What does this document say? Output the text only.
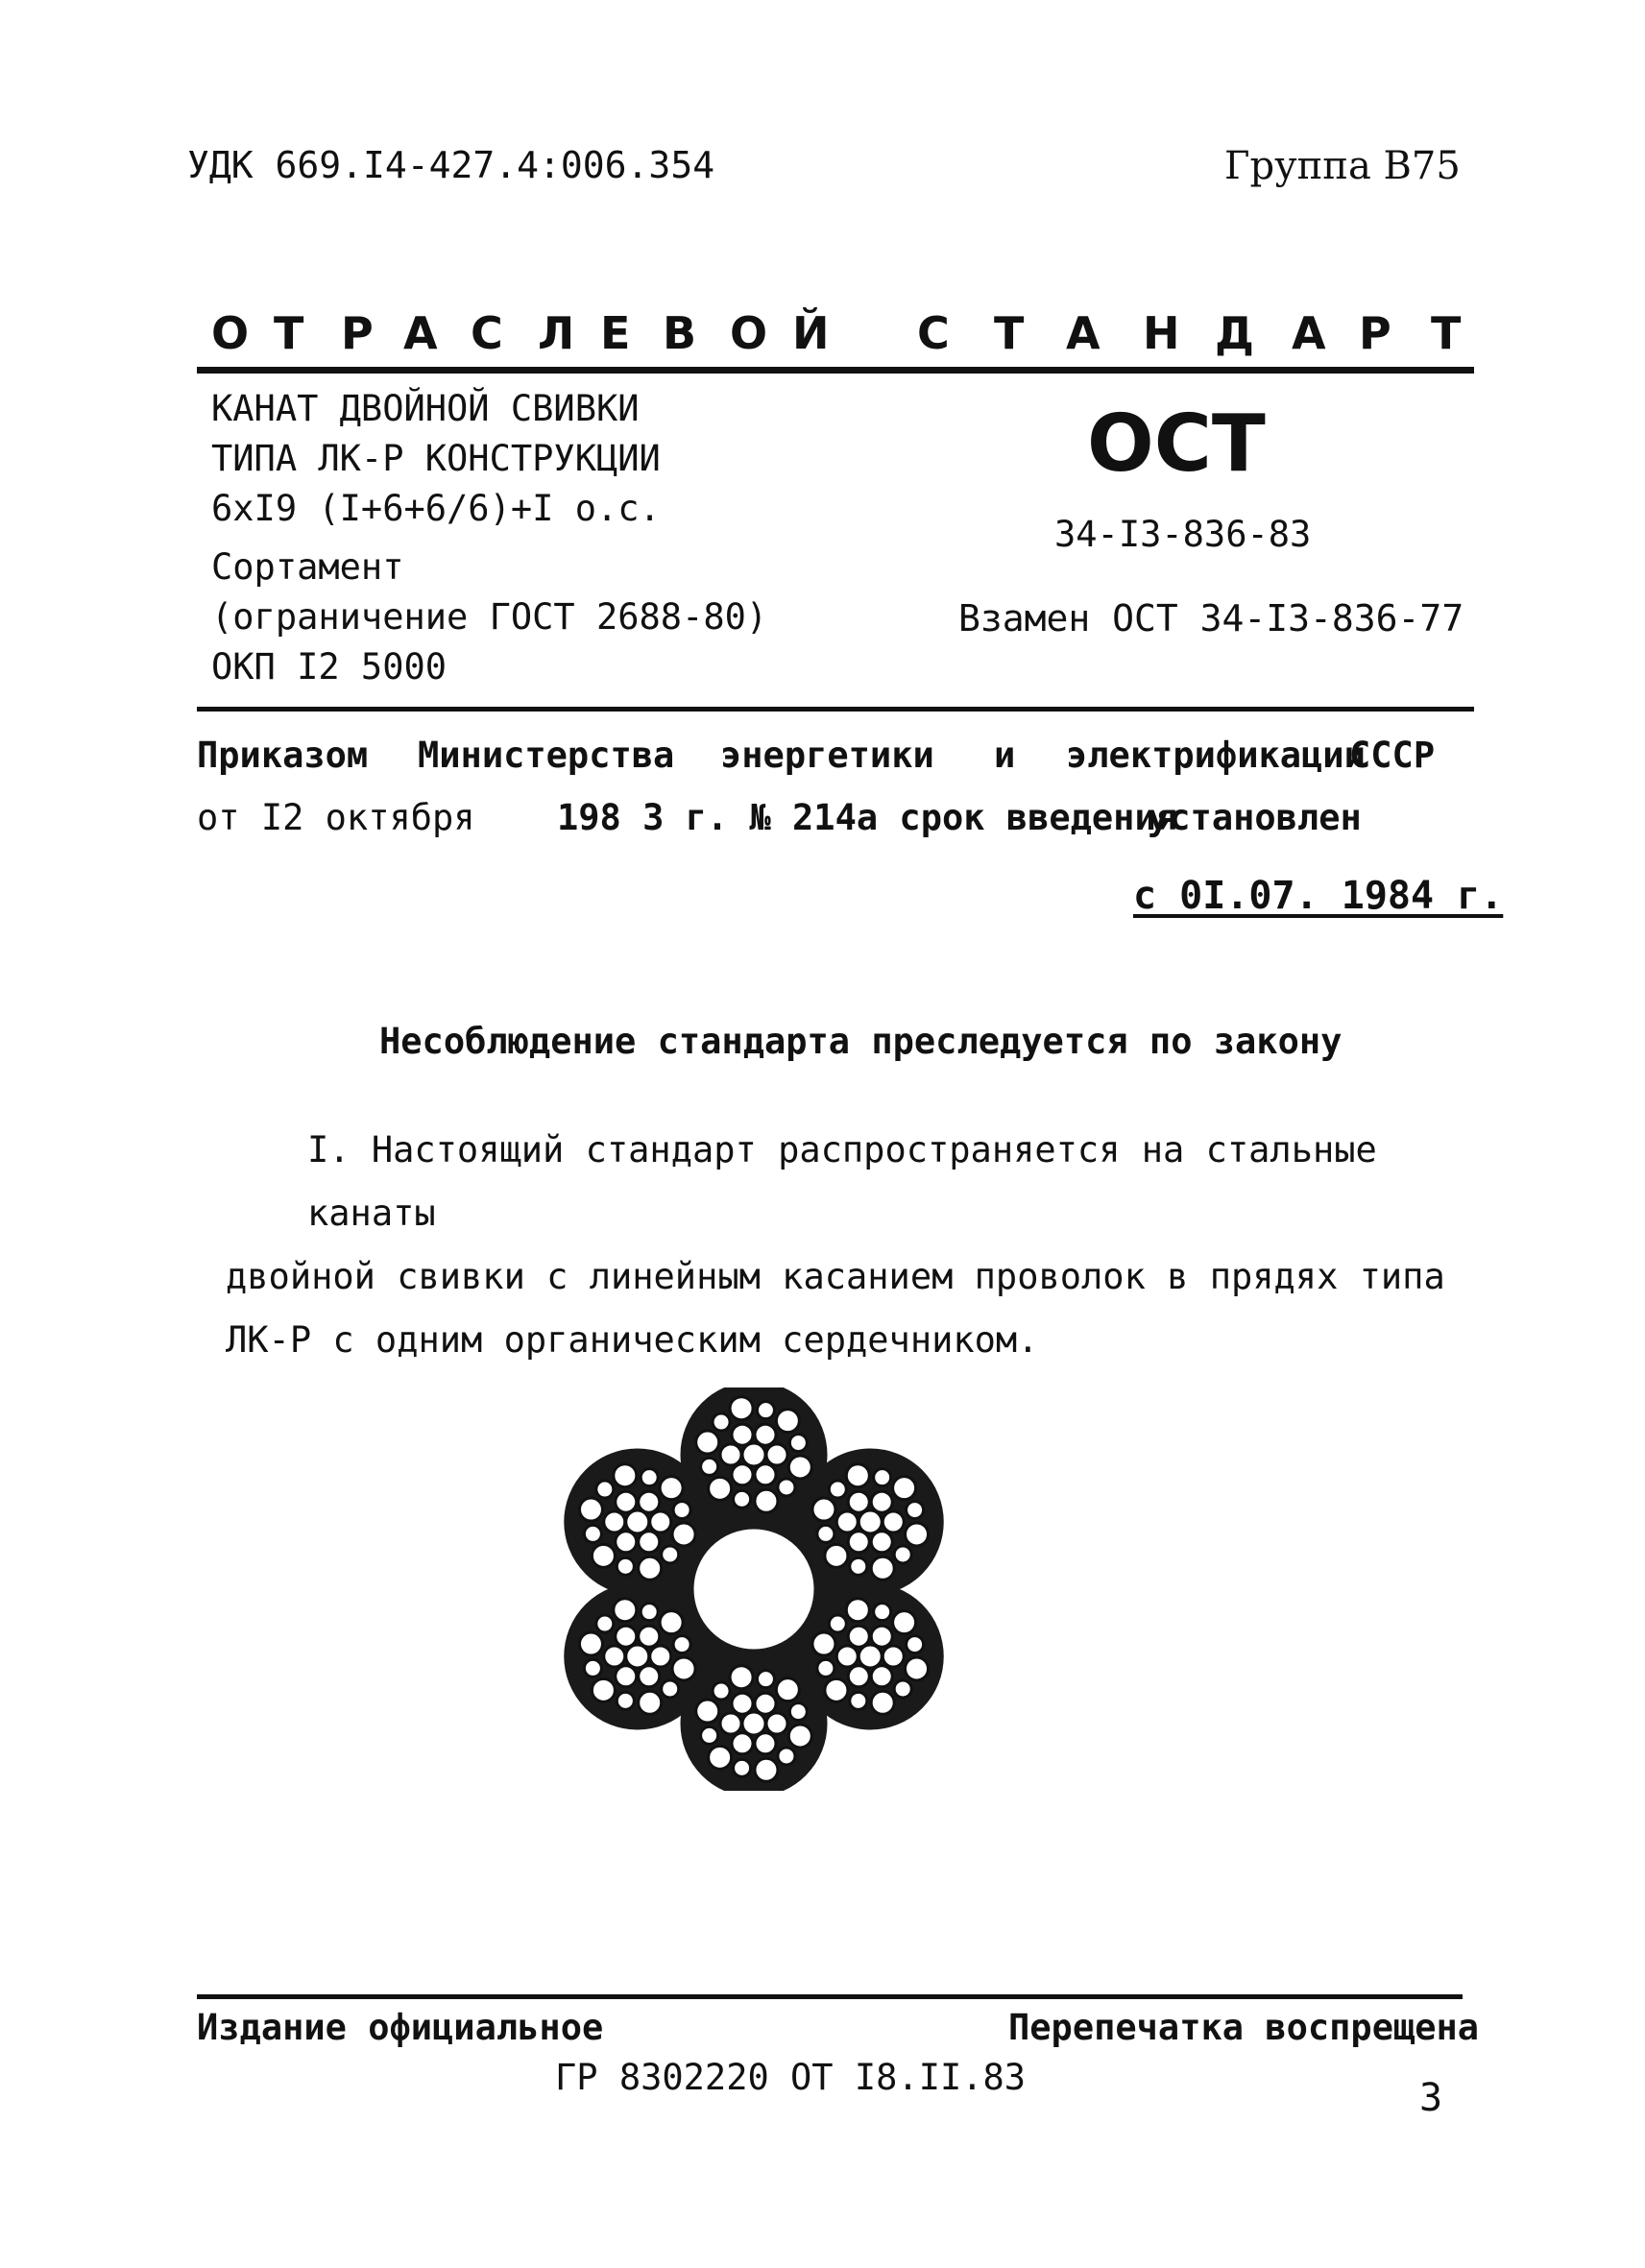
УДК 669.I4-427.4:006.354	Группа В75
О Т Р А С Л Е В О Й С Т А Н Д А Р Т
КАНАТ ДВОЙНОЙ СВИВКИ
ТИПА ЛК-Р КОНСТРУКЦИИ
6хI9 (I+6+6/6)+I о.с.
Сортамент
(ограничение ГОСТ 2688-80)
ОКП I2 5000
ОСТ
34-I3-836-83
Взамен ОСТ 34-I3-836-77
Приказом Министерства энергетики и электрификации
СССР
от I2 октября 198 3 г. № 214а срок введения
установлен
с 0I.07. 1984 г.
Несоблюдение стандарта преследуется по закону
I. Настоящий стандарт распространяется на стальные канаты
двойной свивки с линейным касанием проволок в прядях типа
ЛК-Р с одним органическим сердечником.
Издание официальное	Перепечатка воспрещена
ГР 8302220 ОТ I8.II.83	3
